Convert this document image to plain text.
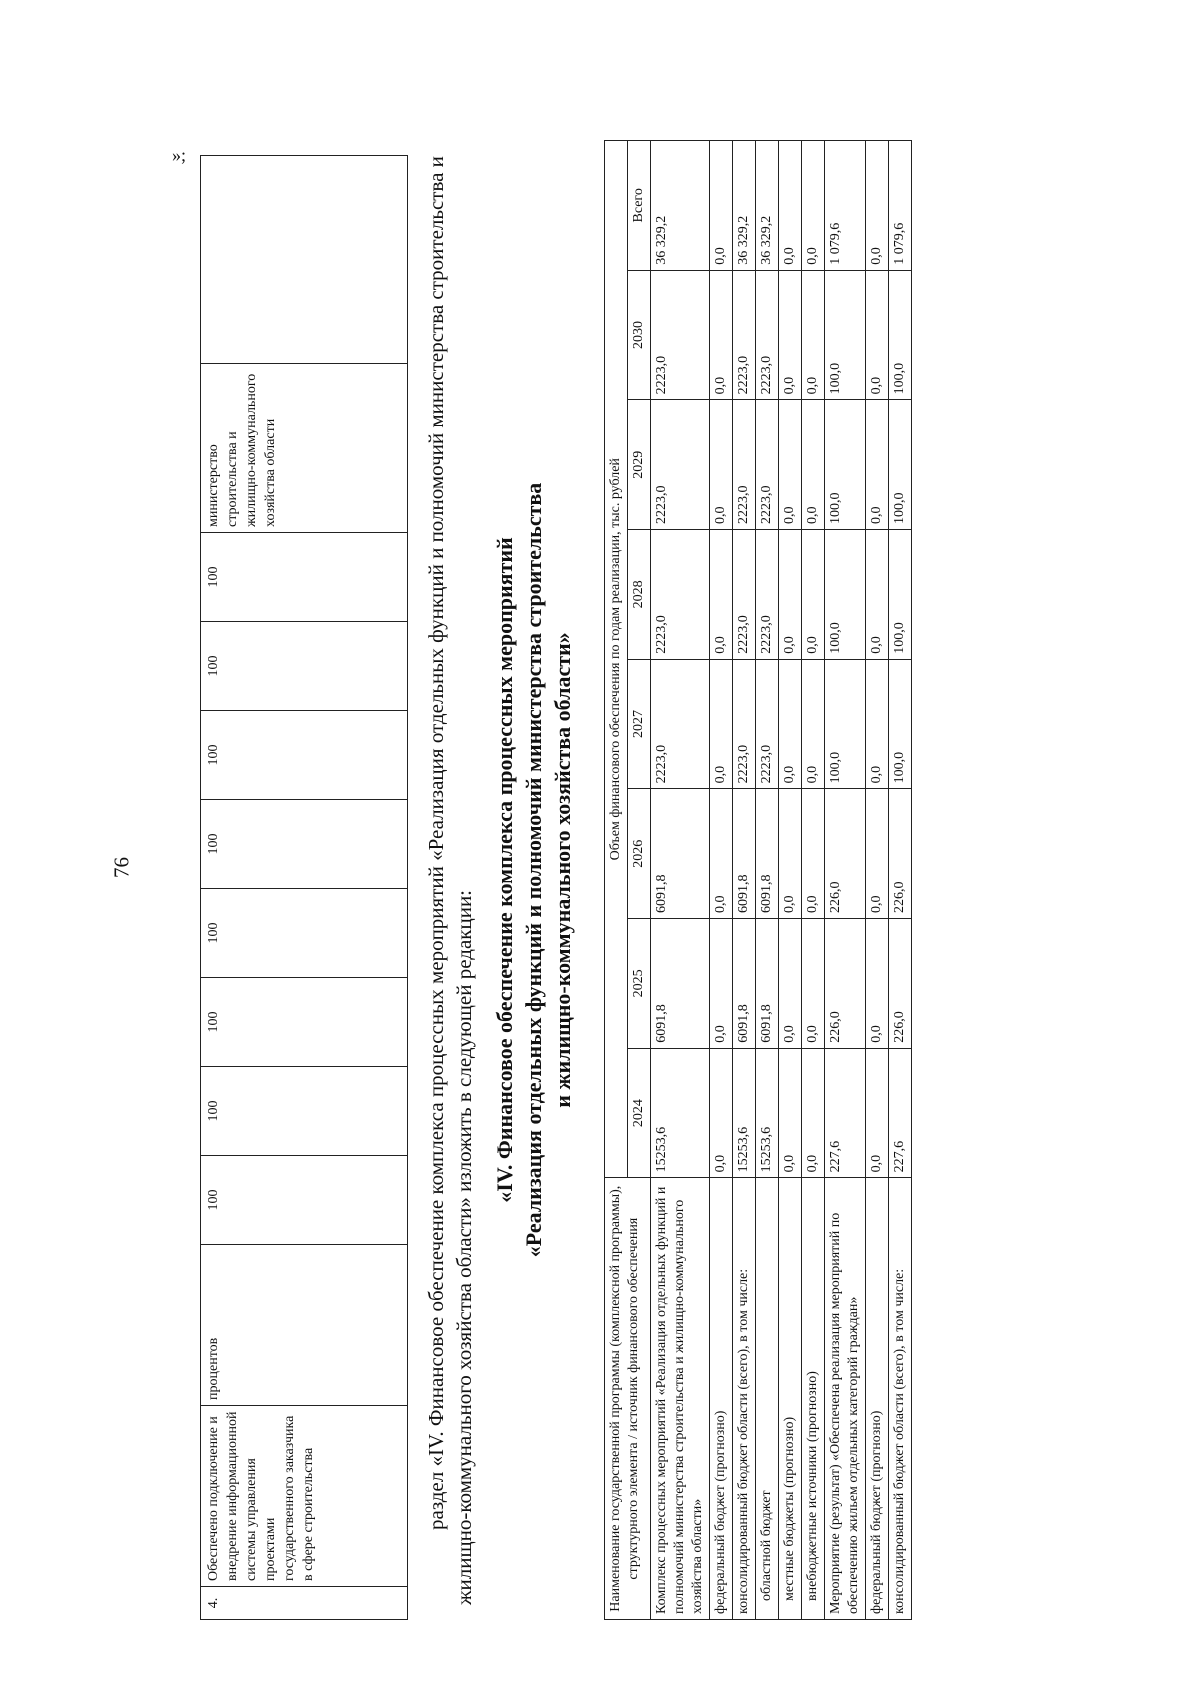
76
4.	Обеспечено подключение и внедрение информационной системы управления проектами государственного заказчика в сфере строительства	процентов	100	100	100	100	100	100	100	100	министерство строительства и жилищно-коммунального хозяйства области	
»;
раздел «IV. Финансовое обеспечение комплекса процессных мероприятий «Реализация отдельных функций и полномочий министерства строительства и жилищно-коммунального хозяйства области» изложить в следующей редакции:
«IV. Финансовое обеспечение комплекса процессных мероприятий «Реализация отдельных функций и полномочий министерства строительства и жилищно-коммунального хозяйства области»
Наименование государственной программы (комплексной программы), структурного элемента / источник финансового обеспечения	Объем финансового обеспечения по годам реализации, тыс. рублей							
	2024	2025	2026	2027	2028	2029	2030	Всего
Комплекс процессных мероприятий «Реализация отдельных функций и полномочий министерства строительства и жилищно-коммунального хозяйства области»	15253,6	6091,8	6091,8	2223,0	2223,0	2223,0	2223,0	36 329,2
федеральный бюджет (прогнозно)	0,0	0,0	0,0	0,0	0,0	0,0	0,0	0,0
консолидированный бюджет области (всего), в том числе:	15253,6	6091,8	6091,8	2223,0	2223,0	2223,0	2223,0	36 329,2
областной бюджет	15253,6	6091,8	6091,8	2223,0	2223,0	2223,0	2223,0	36 329,2
местные бюджеты (прогнозно)	0,0	0,0	0,0	0,0	0,0	0,0	0,0	0,0
внебюджетные источники (прогнозно)	0,0	0,0	0,0	0,0	0,0	0,0	0,0	0,0
Мероприятие (результат) «Обеспечена реализация мероприятий по обеспечению жильем отдельных категорий граждан»	227,6	226,0	226,0	100,0	100,0	100,0	100,0	1 079,6
федеральный бюджет (прогнозно)	0,0	0,0	0,0	0,0	0,0	0,0	0,0	0,0
консолидированный бюджет области (всего), в том числе:	227,6	226,0	226,0	100,0	100,0	100,0	100,0	1 079,6
